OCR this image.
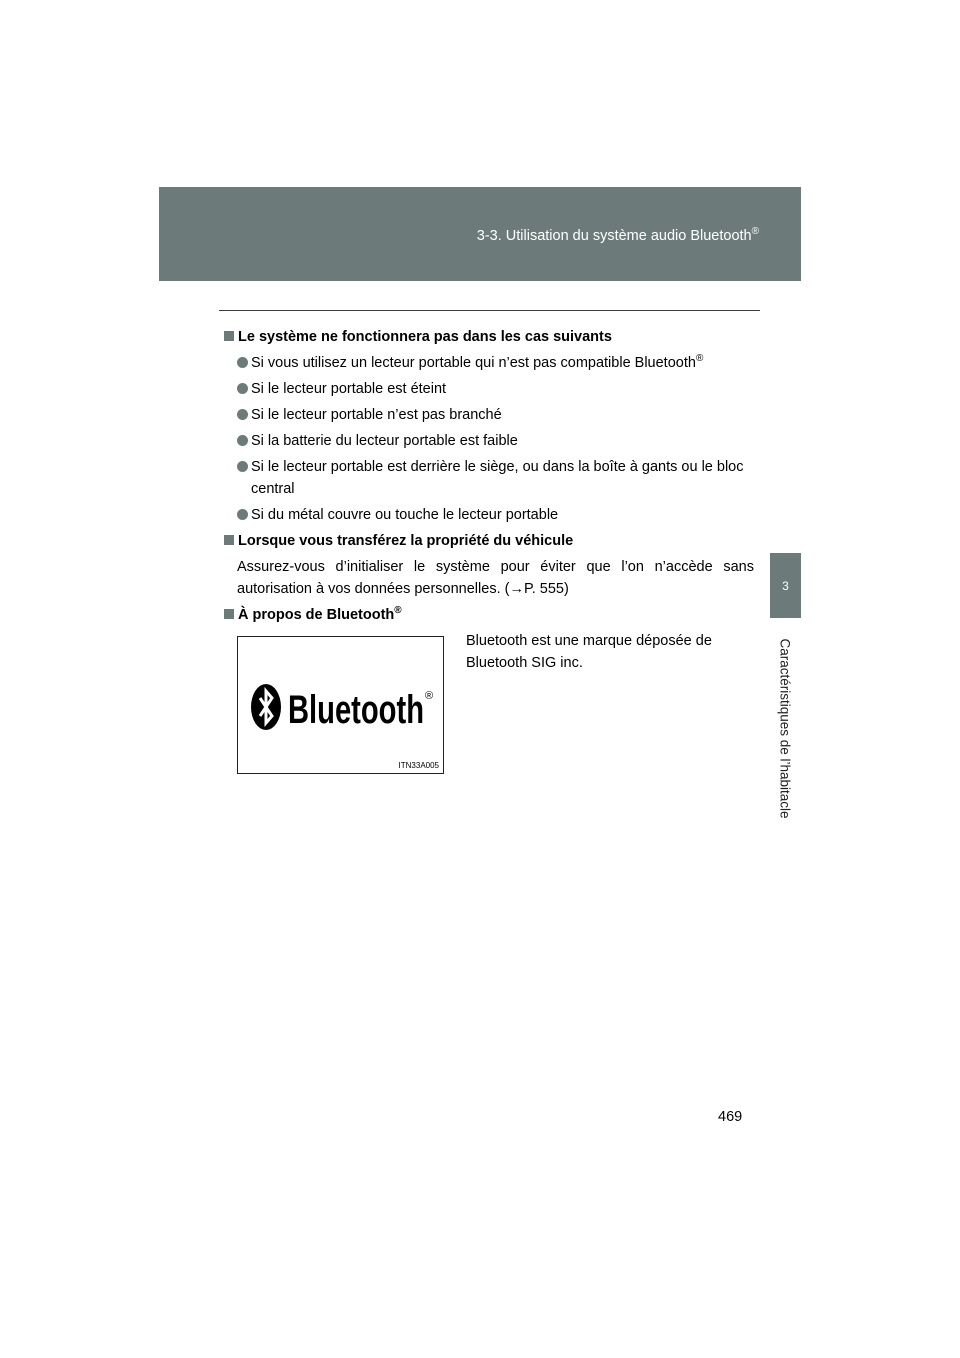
3-3. Utilisation du système audio Bluetooth®
3
Caractéristiques de l’habitacle
Le système ne fonctionnera pas dans les cas suivants
Si vous utilisez un lecteur portable qui n’est pas compatible Bluetooth®
Si le lecteur portable est éteint
Si le lecteur portable n’est pas branché
Si la batterie du lecteur portable est faible
Si le lecteur portable est derrière le siège, ou dans la boîte à gants ou le bloc central
Si du métal couvre ou touche le lecteur portable
Lorsque vous transférez la propriété du véhicule
Assurez-vous d’initialiser le système pour éviter que l’on n’accède sans autorisation à vos données personnelles. (→P. 555)
À propos de Bluetooth®
Bluetooth ®
ITN33A005
Bluetooth est une marque déposée de Bluetooth SIG inc.
469
